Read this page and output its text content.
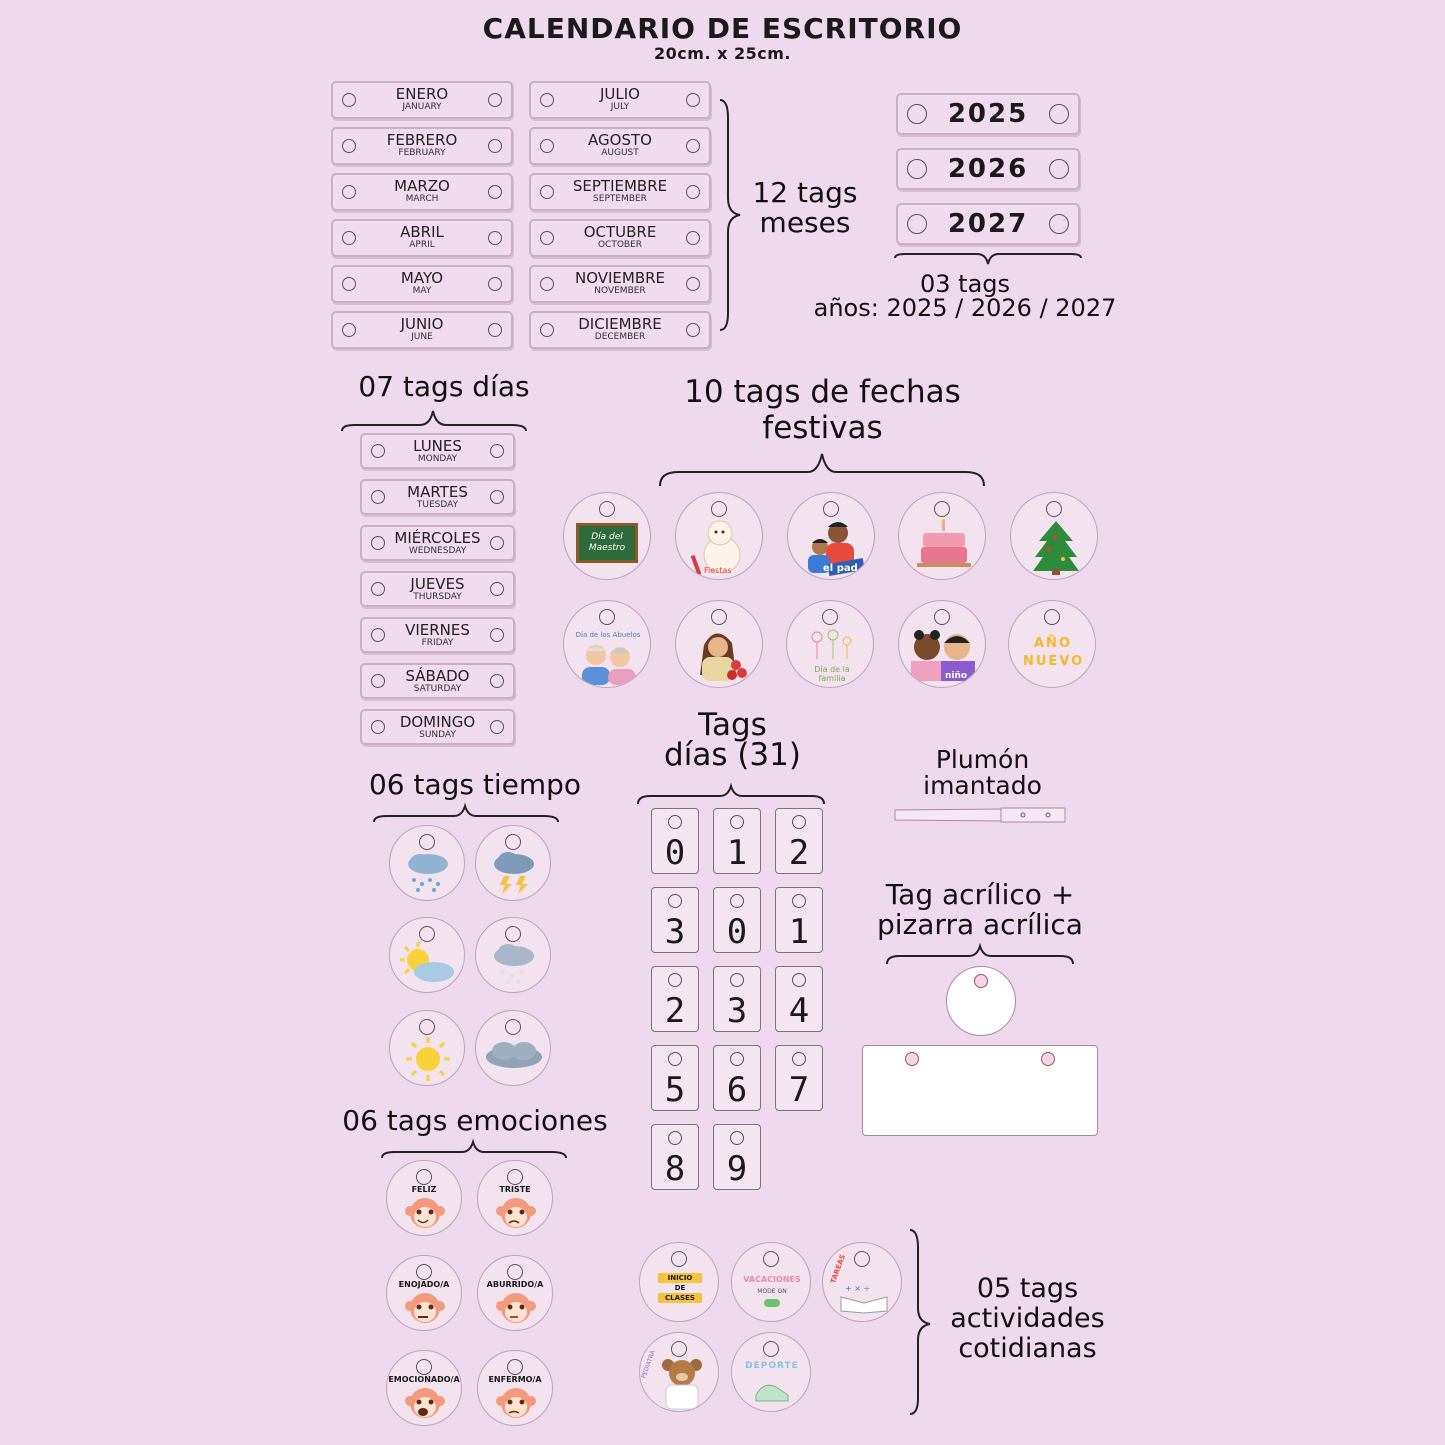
CALENDARIO DE ESCRITORIO
20cm. x 25cm.
ENERO
JANUARY
FEBRERO
FEBRUARY
MARZO
MARCH
ABRIL
APRIL
MAYO
MAY
JUNIO
JUNE
JULIO
JULY
AGOSTO
AUGUST
SEPTIEMBRE
SEPTEMBER
OCTUBRE
OCTOBER
NOVIEMBRE
NOVEMBER
DICIEMBRE
DECEMBER
12 tags
meses
2025
2026
2027
03 tags
años: 2025 / 2026 / 2027
07 tags días
LUNES
MONDAY
MARTES
TUESDAY
MIÉRCOLES
WEDNESDAY
JUEVES
THURSDAY
VIERNES
FRIDAY
SÁBADO
SATURDAY
DOMINGO
SUNDAY
10 tags de fechas
festivas
Día del Maestro
Fiestas	el pad
Día de los Abuelos
Día de la familia	niño
AÑO
NUEVO
06 tags tiempo
06 tags emociones
FELIZ	TRISTE
ENOJADO/A	ABURRIDO/A
EMOCIONADO/A	ENFERMO/A
Tags
días (31)
0	1	2
3	0	1
2	3	4
5	6	7
8	9
Plumón
imantado
Tag acrílico +
pizarra acrílica
INICIO
DE
CLASES
VACACIONES
MODE ON
TAREAS
+ × ÷
PEDIATRA	DEPORTE
05 tags
actividades
cotidianas
